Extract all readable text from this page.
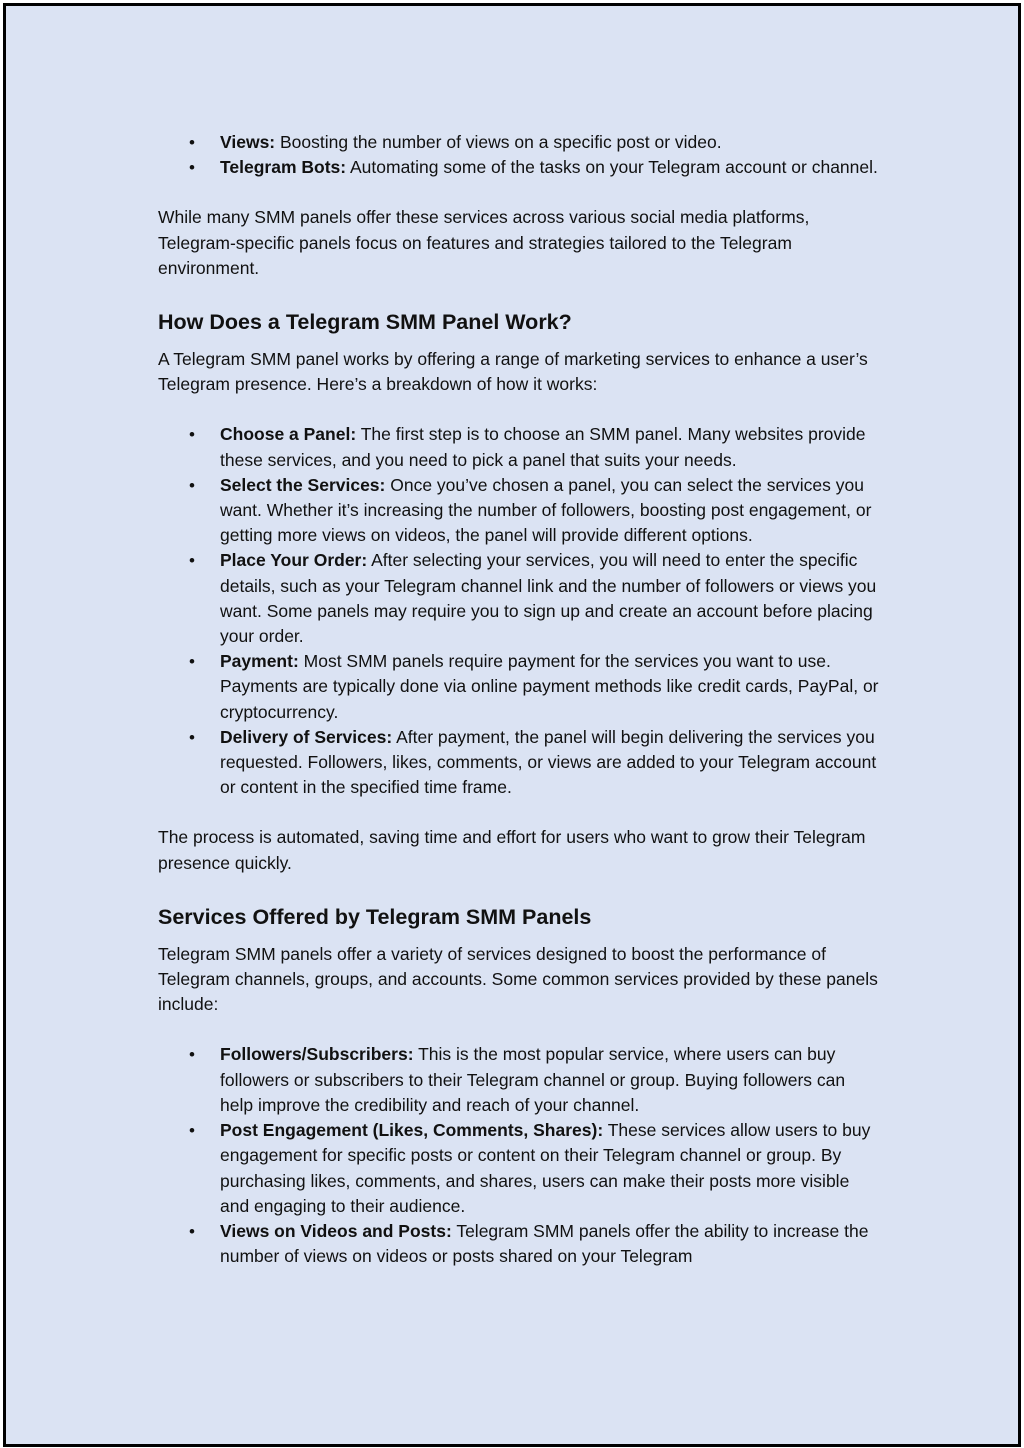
• Views: Boosting the number of views on a specific post or video.
• Telegram Bots: Automating some of the tasks on your Telegram account or channel.

While many SMM panels offer these services across various social media platforms, Telegram-specific panels focus on features and strategies tailored to the Telegram environment.

How Does a Telegram SMM Panel Work?

A Telegram SMM panel works by offering a range of marketing services to enhance a user’s Telegram presence. Here’s a breakdown of how it works:

• Choose a Panel: The first step is to choose an SMM panel. Many websites provide these services, and you need to pick a panel that suits your needs.
• Select the Services: Once you’ve chosen a panel, you can select the services you want. Whether it’s increasing the number of followers, boosting post engagement, or getting more views on videos, the panel will provide different options.
• Place Your Order: After selecting your services, you will need to enter the specific details, such as your Telegram channel link and the number of followers or views you want. Some panels may require you to sign up and create an account before placing your order.
• Payment: Most SMM panels require payment for the services you want to use. Payments are typically done via online payment methods like credit cards, PayPal, or cryptocurrency.
• Delivery of Services: After payment, the panel will begin delivering the services you requested. Followers, likes, comments, or views are added to your Telegram account or content in the specified time frame.

The process is automated, saving time and effort for users who want to grow their Telegram presence quickly.

Services Offered by Telegram SMM Panels

Telegram SMM panels offer a variety of services designed to boost the performance of Telegram channels, groups, and accounts. Some common services provided by these panels include:

• Followers/Subscribers: This is the most popular service, where users can buy followers or subscribers to their Telegram channel or group. Buying followers can help improve the credibility and reach of your channel.
• Post Engagement (Likes, Comments, Shares): These services allow users to buy engagement for specific posts or content on their Telegram channel or group. By purchasing likes, comments, and shares, users can make their posts more visible and engaging to their audience.
• Views on Videos and Posts: Telegram SMM panels offer the ability to increase the number of views on videos or posts shared on your Telegram
